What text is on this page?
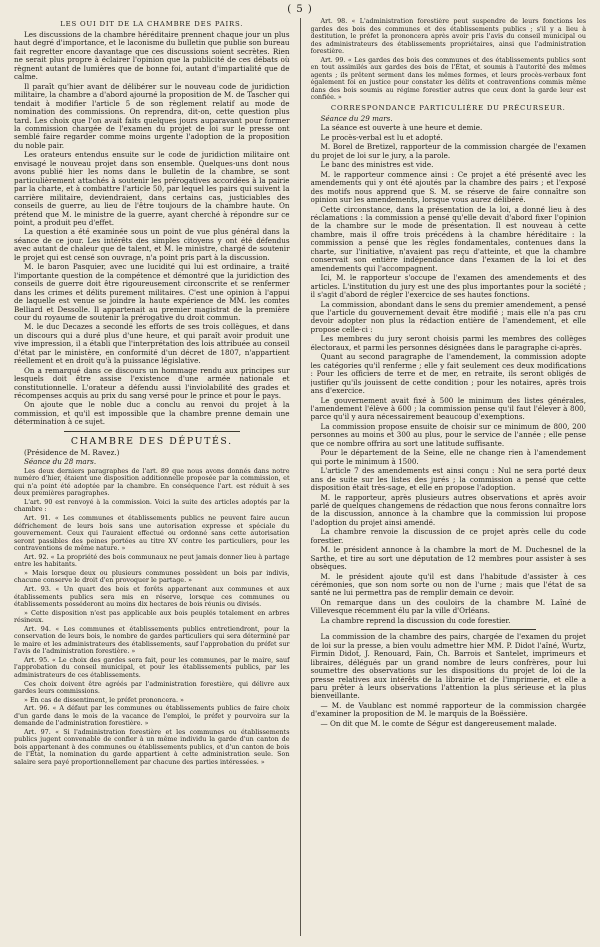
( 5 )
LES OUI DIT DE LA CHAMBRE DES PAIRS.

Les discussions de la chambre héréditaire prennent chaque jour un plus haut degré d'importance, et le laconisme du bulletin que publie son bureau fait regretter encore davantage que ces discussions soient secrètes. Rien ne serait plus propre à éclairer l'opinion que la publicité de ces débats où règnent autant de lumières que de bonne foi, autant d'impartialité que de calme.

Il paraît qu'hier avant de délibérer sur le nouveau code de juridiction militaire, la chambre a d'abord ajourné la proposition de M. de Tascher qui tendait à modifier l'article 5 de son règlement relatif au mode de nomination des commissions. On reprendra, dit-on, cette question plus tard. Les choix que l'on avait faits quelques jours auparavant pour former la commission chargée de l'examen du projet de loi sur le presse ont semblé faire regarder comme moins urgente l'adoption de la proposition du noble pair.

Les orateurs entendus ensuite sur le code de juridiction militaire ont envisagé le nouveau projet dans son ensemble. Quelques-uns dont nous avons publié hier les noms dans le bulletin de la chambre, se sont particulièrement attachés à soutenir les prérogatives accordées à la pairie par la charte, et à combattre l'article 50, par lequel les pairs qui suivent la carrière militaire, deviendraient, dans certains cas, justiciables des conseils de guerre, au lieu de l'être toujours de la chambre haute. On prétend que M. le ministre de la guerre, ayant cherché à répondre sur ce point, a produit peu d'effet.

La question a été examinée sous un point de vue plus général dans la séance de ce jour. Les intérêts des simples citoyens y ont été défendus avec autant de chaleur que de talent, et M. le ministre, chargé de soutenir le projet qui est censé son ouvrage, n'a point pris part à la discussion.

M. le baron Pasquier, avec une lucidité qui lui est ordinaire, a traité l'importante question de la compétence et démontré que la juridiction des conseils de guerre doit être rigoureusement circonscrite et se renfermer dans les crimes et délits purement militaires. C'est une opinion à l'appui de laquelle est venue se joindre la haute expérience de MM. les comtes Belliard et Dessolle. Il appartenait au premier magistrat de la première cour du royaume de soutenir la prérogative du droit commun.

M. le duc Decazes a secondé les efforts de ses trois collègues, et dans un discours qui a duré plus d'une heure, et qui paraît avoir produit une vive impression, il a établi que l'interprétation des lois attribuée au conseil d'état par le ministère, en conformité d'un décret de 1807, n'appartient réellement et en droit qu'à la puissance législative.

On a remarqué dans ce discours un hommage rendu aux principes sur lesquels doit être assise l'existence d'une armée nationale et constitutionnelle. L'orateur a défendu aussi l'inviolabilité des grades et récompenses acquis au prix du sang versé pour le prince et pour le pays.

On ajoute que le noble duc a conclu au renvoi du projet à la commission, et qu'il est impossible que la chambre prenne demain une détermination à ce sujet.

CHAMBRE DES DÉPUTÉS.

(Présidence de M. Ravez.)

Séance du 28 mars.

Les deux derniers paragraphes de l'art. 89 que nous avons donnés dans notre numéro d'hier, étaient une disposition additionnelle proposée par la commission, et qui n'a point été adoptée par la chambre. En conséquence l'art. est réduit à ses deux premières paragraphes.

L'art. 90 est renvoyé à la commission. Voici la suite des articles adoptés par la chambre :

Art. 91. « Les communes et établissements publics ne peuvent faire aucun défrichement de leurs bois sans une autorisation expresse et spéciale du gouvernement. Ceux qui l'auraient effectué ou ordonné sans cette autorisation seront passibles des peines portées au titre XV contre les particuliers, pour les contraventions de même nature. »

Art. 92. « La propriété des bois communaux ne peut jamais donner lieu à partage entre les habitants.

» Mais lorsque deux ou plusieurs communes possèdent un bois par indivis, chacune conserve le droit d'en provoquer le partage. »

Art. 93. « Un quart des bois et forêts appartenant aux communes et aux établissements publics sera mis en réserve, lorsque ces communes ou établissements posséderont au moins dix hectares de bois réunis ou divisés.

» Cette disposition n'est pas applicable aux bois peuplés totalement en arbres résineux.

Art. 94. « Les communes et établissements publics entretiendront, pour la conservation de leurs bois, le nombre de gardes particuliers qui sera déterminé par le maire et les administrateurs des établissements, sauf l'approbation du préfet sur l'avis de l'administration forestière. »

Art. 95. « Le choix des gardes sera fait, pour les communes, par le maire, sauf l'approbation du conseil municipal, et pour les établissements publics, par les administrateurs de ces établissements.

Ces choix doivent être agréés par l'administration forestière, qui délivre aux gardes leurs commissions.

» En cas de dissentiment, le préfet prononcera. »

Art. 96. « A défaut par les communes ou établissements publics de faire choix d'un garde dans le mois de la vacance de l'emploi, le préfet y pourvoira sur la demande de l'administration forestière. »

Art. 97. « Si l'administration forestière et les communes ou établissements publics jugent convenable de confier à un même individu la garde d'un canton de bois appartenant à des communes ou établissements publics, et d'un canton de bois de l'État, la nomination du garde appartient à cette administration seule. Son salaire sera payé proportionnellement par chacune des parties intéressées. »

Art. 98. « L'administration forestière peut suspendre de leurs fonctions les gardes des bois des communes et des établissements publics ; s'il y a lieu à destitution, le préfet la prononcera après avoir pris l'avis du conseil municipal ou des administrateurs des établissements propriétaires, ainsi que l'administration forestière.

Art. 99. « Les gardes des bois des communes et des établissements publics sont en tout assimilés aux gardes des bois de l'État, et soumis à l'autorité des mêmes agents ; ils prêtent serment dans les mêmes formes, et leurs procès-verbaux font également foi en justice pour constater les délits et contraventions commis même dans des bois soumis au régime forestier autres que ceux dont la garde leur est confiée. »

CORRESPONDANCE PARTICULIÈRE DU PRÉCURSEUR.

Séance du 29 mars.

La séance est ouverte à une heure et demie.

Le procès-verbal est lu et adopté.

M. Borel de Bretizel, rapporteur de la commission chargée de l'examen du projet de loi sur le jury, a la parole.

Le banc des ministres est vide.

M. le rapporteur commence ainsi : Ce projet a été présenté avec les amendements qui y ont été ajoutés par la chambre des pairs ; et l'exposé des motifs nous apprend que S. M. se réserve de faire connaître son opinion sur les amendements, lorsque vous aurez délibéré.

Cette circonstance, dans la présentation de la loi, a donné lieu à des réclamations : la commission a pensé qu'elle devait d'abord fixer l'opinion de la chambre sur le mode de présentation. Il est nouveau à cette chambre, mais il offre trois précédens à la chambre héréditaire : la commission a pensé que les règles fondamentales, contenues dans la charte, sur l'initiative, n'avaient pas reçu d'atteinte, et que la chambre conservait son entière indépendance dans l'examen de la loi et des amendements qui l'accompagnent.

Ici, M. le rapporteur s'occupe de l'examen des amendements et des articles. L'institution du jury est une des plus importantes pour la société ; il s'agit d'abord de régler l'exercice de ses hautes fonctions.

La commission, abondant dans le sens du premier amendement, a pensé que l'article du gouvernement devait être modifié ; mais elle n'a pas cru devoir adopter non plus la rédaction entière de l'amendement, et elle propose celle-ci :

Les membres du jury seront choisis parmi les membres des collèges électoraux, et parmi les personnes désignées dans le paragraphe ci-après.

Quant au second paragraphe de l'amendement, la commission adopte les catégories qu'il renferme ; elle y fait seulement ces deux modifications : Pour les officiers de terre et de mer, en retraite, ils seront obligés de justifier qu'ils jouissent de cette condition ; pour les notaires, après trois ans d'exercice.

Le gouvernement avait fixé à 500 le minimum des listes générales, l'amendement l'élève à 600 ; la commission pense qu'il faut l'élever à 800, parce qu'il y aura nécessairement beaucoup d'exemptions.

La commission propose ensuite de choisir sur ce minimum de 800, 200 personnes au moins et 300 au plus, pour le service de l'année ; elle pense que ce nombre offrira au sort une latitude suffisante.

Pour le département de la Seine, elle ne change rien à l'amendement qui porte le minimum à 1500.

L'article 7 des amendements est ainsi conçu : Nul ne sera porté deux ans de suite sur les listes des jurés ; la commission a pensé que cette disposition était très-sage, et elle en propose l'adoption.

M. le rapporteur, après plusieurs autres observations et après avoir parlé de quelques changemens de rédaction que nous ferons connaître lors de la discussion, annonce à la chambre que la commission lui propose l'adoption du projet ainsi amendé.

La chambre renvoie la discussion de ce projet après celle du code forestier.

M. le président annonce à la chambre la mort de M. Duchesnel de la Sarthe, et tire au sort une députation de 12 membres pour assister à ses obsèques.

M. le président ajoute qu'il est dans l'habitude d'assister à ces cérémonies, que son nom sorte ou non de l'urne ; mais que l'état de sa santé ne lui permettra pas de remplir demain ce devoir.

On remarque dans un des couloirs de la chambre M. Laîné de Villevesque récemment élu par la ville d'Orléans.

La chambre reprend la discussion du code forestier.

La commission de la chambre des pairs, chargée de l'examen du projet de loi sur la presse, a bien voulu admettre hier MM. P. Didot l'aîné, Wurtz, Firmin Didot, J. Renouard, Fain, Ch. Barrois et Santelet, imprimeurs et libraires, délégués par un grand nombre de leurs confrères, pour lui soumettre des observations sur les dispositions du projet de loi de la presse relatives aux intérêts de la librairie et de l'imprimerie, et elle a paru prêter à leurs observations l'attention la plus sérieuse et la plus bienveillante.

— M. de Vaublanc est nommé rapporteur de la commission chargée d'examiner la proposition de M. le marquis de la Boëssière.

— On dit que M. le comte de Ségur est dangereusement malade.
